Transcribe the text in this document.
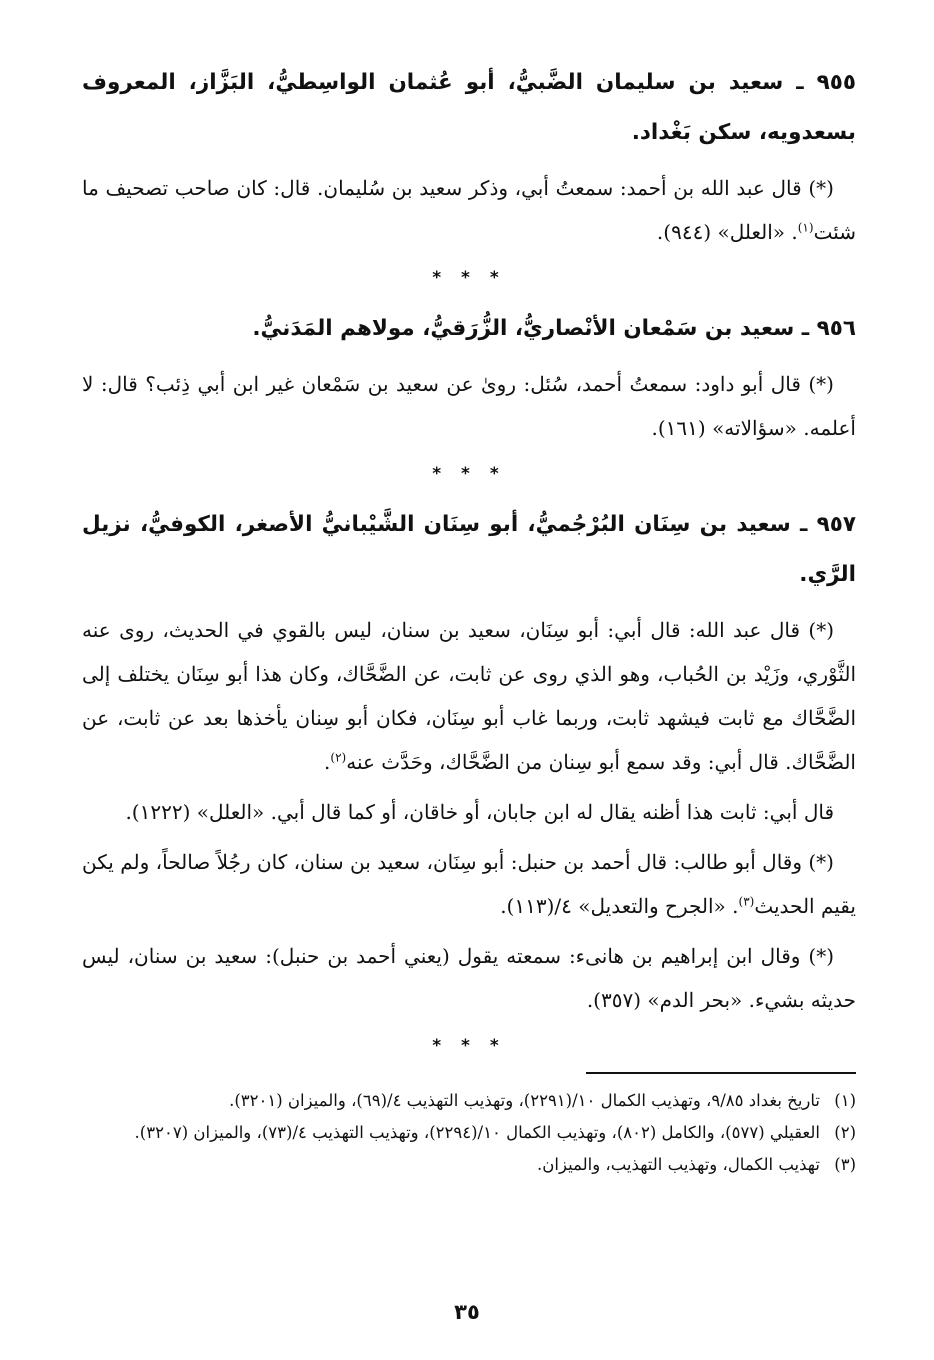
٩٥٥ ـ سعيد بن سليمان الضَّبيُّ، أبو عُثمان الواسِطيُّ، البَزَّاز، المعروف بسعدويه، سكن بَغْداد.

(*) قال عبد الله بن أحمد: سمعتُ أبي، وذكر سعيد بن سُليمان. قال: كان صاحب تصحيف ما شئت$^{(١)}$. «العلل» (٩٤٤).

* * *

٩٥٦ ـ سعيد بن سَمْعان الأنْصاريُّ، الزُّرَقيُّ، مولاهم المَدَنيُّ.

(*) قال أبو داود: سمعتُ أحمد، سُئل: روىٰ عن سعيد بن سَمْعان غير ابن أبي ذِئب؟ قال: لا أعلمه. «سؤالاته» (١٦١).

* * *

٩٥٧ ـ سعيد بن سِنَان البُرْجُميُّ، أبو سِنَان الشَّيْبانيُّ الأصغر، الكوفيُّ، نزيل الرَّي.

(*) قال عبد الله: قال أبي: أبو سِنَان، سعيد بن سنان، ليس بالقوي في الحديث، روى عنه الثَّوْري، وزَيْد بن الحُباب، وهو الذي روى عن ثابت، عن الضَّحَّاك، وكان هذا أبو سِنَان يختلف إلى الضَّحَّاك مع ثابت فيشهد ثابت، وربما غاب أبو سِنَان، فكان أبو سِنان يأخذها بعد عن ثابت، عن الضَّحَّاك. قال أبي: وقد سمع أبو سِنان من الضَّحَّاك، وحَدَّث عنه$^{(٢)}$.

قال أبي: ثابت هذا أظنه يقال له ابن جابان، أو خاقان، أو كما قال أبي. «العلل» (١٢٢٢).

(*) وقال أبو طالب: قال أحمد بن حنبل: أبو سِنَان، سعيد بن سنان، كان رجُلاً صالحاً، ولم يكن يقيم الحديث$^{(٣)}$. «الجرح والتعديل» ٤/(١١٣).

(*) وقال ابن إبراهيم بن هانىء: سمعته يقول (يعني أحمد بن حنبل): سعيد بن سنان، ليس حديثه بشيء. «بحر الدم» (٣٥٧).

* * *
(١)
تاريخ بغداد ٩/٨٥، وتهذيب الكمال ١٠/(٢٢٩١)، وتهذيب التهذيب ٤/(٦٩)، والميزان (٣٢٠١).
(٢)
العقيلي (٥٧٧)، والكامل (٨٠٢)، وتهذيب الكمال ١٠/(٢٢٩٤)، وتهذيب التهذيب ٤/(٧٣)، والميزان (٣٢٠٧).
(٣)
تهذيب الكمال، وتهذيب التهذيب، والميزان.
٣٥
